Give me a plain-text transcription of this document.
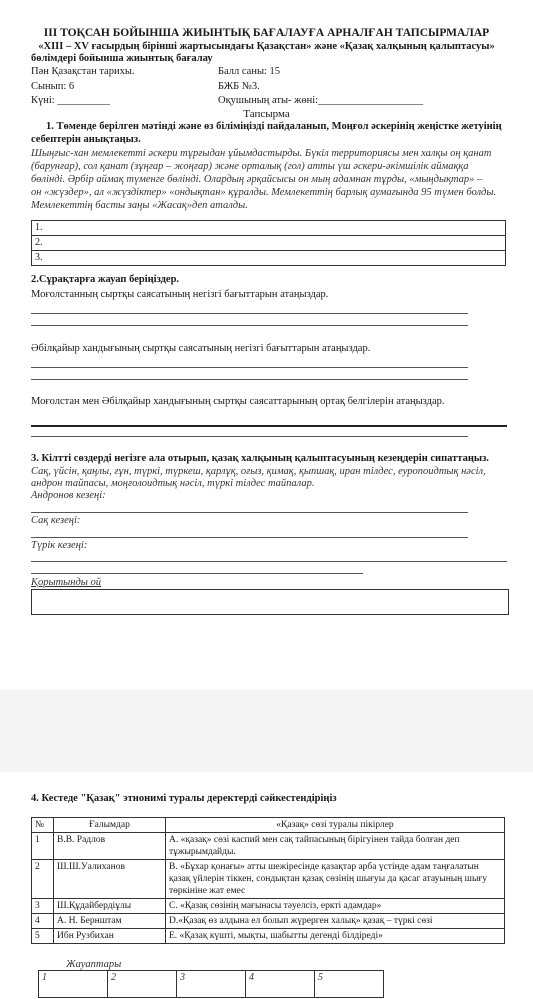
ІІІ ТОҚСАН БОЙЫНША ЖИЫНТЫҚ БАҒАЛАУҒА АРНАЛҒАН ТАПСЫРМАЛАР
«XIII – XV ғасырдың бірінші жартысындағы Қазақстан» және «Қазақ халқының қалыптасуы»
бөлімдері бойынша жиынтық бағалау
Пән Қазақстан тарихы.	Балл саны: 15
Сынып: 6	БЖБ №3.
Күні: __________	Оқушының аты- жөні:____________________
Тапсырма
1. Төменде берілген мәтінді және өз біліміңізді пайдаланып, Моңғол әскерінің жеңістке жетуінің
себептерін анықтаңыз.
Шыңғыс-хан мемлекетті әскери тұрғыдан ұйымдастырды. Бүкіл территориясы мен халқы оң қанат
(барунғар), сол қанат (зұңғар – жоңғар) және орталық (гол) атты үш әскери-әкімшілік аймаққа
бөлінді. Әрбір аймақ түменге бөлінді. Олардың әрқайсысы он мың адамнан тұрды, «мыңдықтар» –
он «жүздер», ал «жүздіктер» «ондықтан» құралды. Мемлекеттің барлық аумағында 95 түмен болды.
Мемлекеттің басты заңы «Жасақ»деп аталды.
1.
2.
3.
2.Сұрақтарға жауап беріңіздер.
Моғолстанның сыртқы саясатының негізгі бағыттарын атаңыздар.
Әбілқайыр хандығының сыртқы саясатының негізгі бағыттарын атаңыздар.
Моғолстан мен Әбілқайыр хандығының сыртқы саясаттарының ортақ белгілерін атаңыздар.
3. Кілтті сөздерді негізге ала отырып, қазақ халқының қалыптасуының кезеңдерін сипаттаңыз.
Сақ, үйсін, қаңлы, ғұн, түркі, түркеш, қарлұқ, оғыз, қимақ, қыпшақ, иран тілдес, еуропоидтық нәсіл,
андрон тайпасы, моңғолоидтық нәсіл, түркі тілдес тайпалар.
Андронов кезеңі:
Сақ кезеңі:
Түрік кезеңі:
Қорытынды ой
4. Кестеде "Қазақ" этнонимі туралы деректерді сәйкестендіріңіз
№	Ғалымдар	«Қазақ» сөзі туралы пікірлер
1	В.В. Радлов	А. «қазақ» сөзі каспий мен сақ тайпасының бірігуінен тайда болған деп тұжырымдайды.
2	Ш.Ш.Уалиханов	В. «Бұхар қонағы» атты шежіресінде қазақтар арба үстінде адам таңғалатын қазақ үйлерін тіккен, сондықтан қазақ сөзінің шығуы да қасаг атауының шығу төркініне жат емес
3	Ш.Құдайбердіұлы	С. «Қазақ сөзінің мағынасы тәуелсіз, еркті адамдар»
4	А. Н. Бернштам	D.«Қазақ өз алдына ел болып жүрерген халық» қазақ – түркі сөзі
5	Ибн Рузбихан	Е. «Қазақ күшті, мықты, шабытты дегенді білдіреді»
Жауаптары
1	2	3	4	5
